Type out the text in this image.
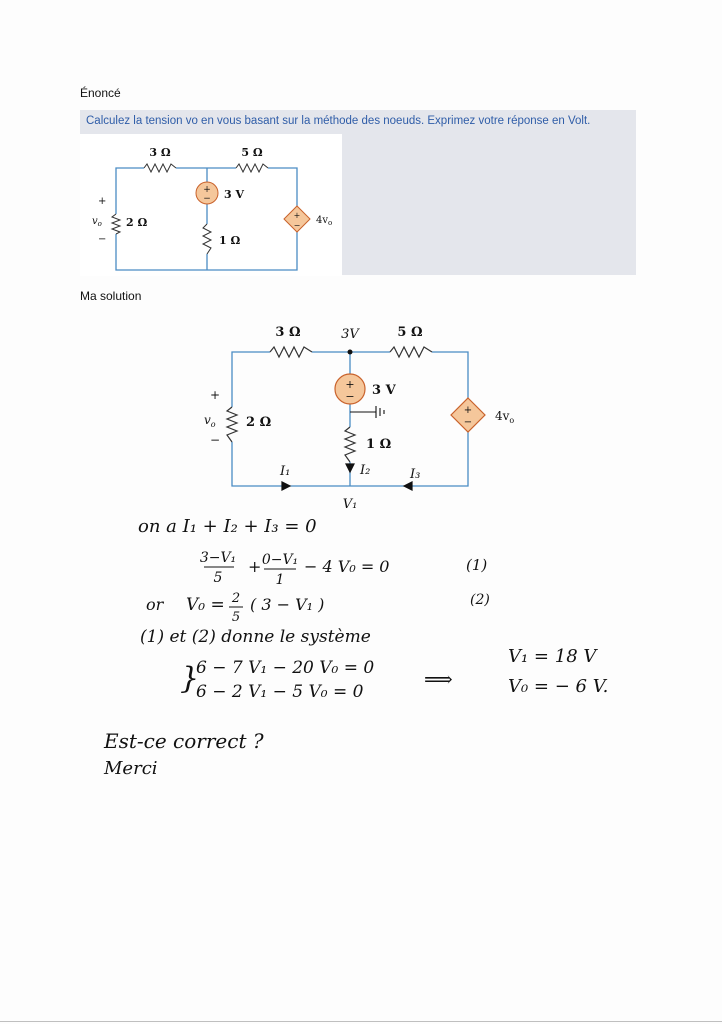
Énoncé
Calculez la tension vo en vous basant sur la méthode des noeuds. Exprimez votre réponse en Volt.
+
−
+
−
3 Ω	5 Ω
2 Ω
1 Ω
3 V
$4v_o$
+
$v_o$
−
Ma solution
+
−
+
−
3 Ω	5 Ω
3V
2 Ω
1 Ω
3 V
$4v_o$
+
$v_o$
−
I₁	I₂	I₃
V₁
on a I₁ + I₂ + I₃ = 0
3−V₁
5
+ 0−V₁
1
− 4 V₀ = 0	(1)
or V₀ = 2
5
( 3 − V₁ )	(2)
(1) et (2) donne le système
}
6 − 7 V₁ − 20 V₀ = 0
6 − 2 V₁ − 5 V₀ = 0
⟹
V₁ = 18 V
V₀ = − 6 V.
Est-ce correct ?
Merci
